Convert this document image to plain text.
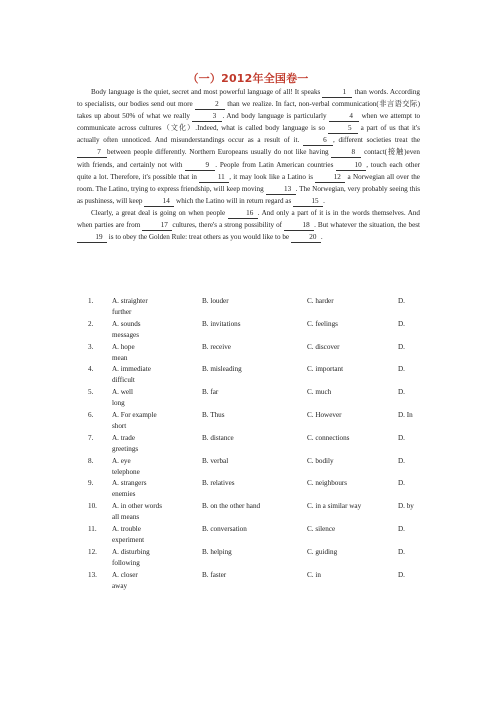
（一）2012年全国卷一

Body language is the quiet, secret and most powerful language of all! It speaks	1 than words. According to specialists, our bodies send out more	2 than we realize. In fact, non-verbal communication(非言语交际) takes up about 50% of what we really	3 . And body language is particularly	4 when we attempt to communicate across cultures（文化）.Indeed, what is called body language is so	5 a part of us that it's actually often unnoticed. And misunderstandings occur as a result of it.	6 , different societies treat the 7 between people differently. Northern Europeans usually do not like having	8 contact(接触)even with friends, and certainly not with	9 . People from Latin American countries	10 , touch each other quite a lot. Therefore, it's possible that in	11 , it may look like a Latino is	12 a Norwegian all over the room. The Latino, trying to express friendship, will keep moving	13 . The Norwegian, very probably seeing this as pushiness, will keep	14 which the Latino will in return regard as	15 .

Clearly, a great deal is going on when people	16 . And only a part of it is in the words themselves. And when parties are from	17 cultures, there's a strong possibility of	18 . But whatever the situation, the best 19 is to obey the Golden Rule: treat others as you would like to be	20 .

1.	A. straighter	B. louder	C. harder	D.
further
2.	A. sounds	B. invitations	C. feelings	D.
messages
3.	A. hope	B. receive	C. discover	D.
mean
4.	A. immediate	B. misleading	C. important	D.
difficult
5.	A. well	B. far	C. much	D.
long
6.	A. For example	B. Thus	C. However	D. In
short
7.	A. trade	B. distance	C. connections	D.
greetings
8.	A. eye	B. verbal	C. bodily	D.
telephone
9.	A. strangers	B. relatives	C. neighbours	D.
enemies
10. A. in other words	B. on the other hand	C. in a similar way	D. by
all means
11. A. trouble	B. conversation	C. silence	D.
experiment
12. A. disturbing	B. helping	C. guiding	D.
following
13. A. closer	B. faster	C. in	D.
away
